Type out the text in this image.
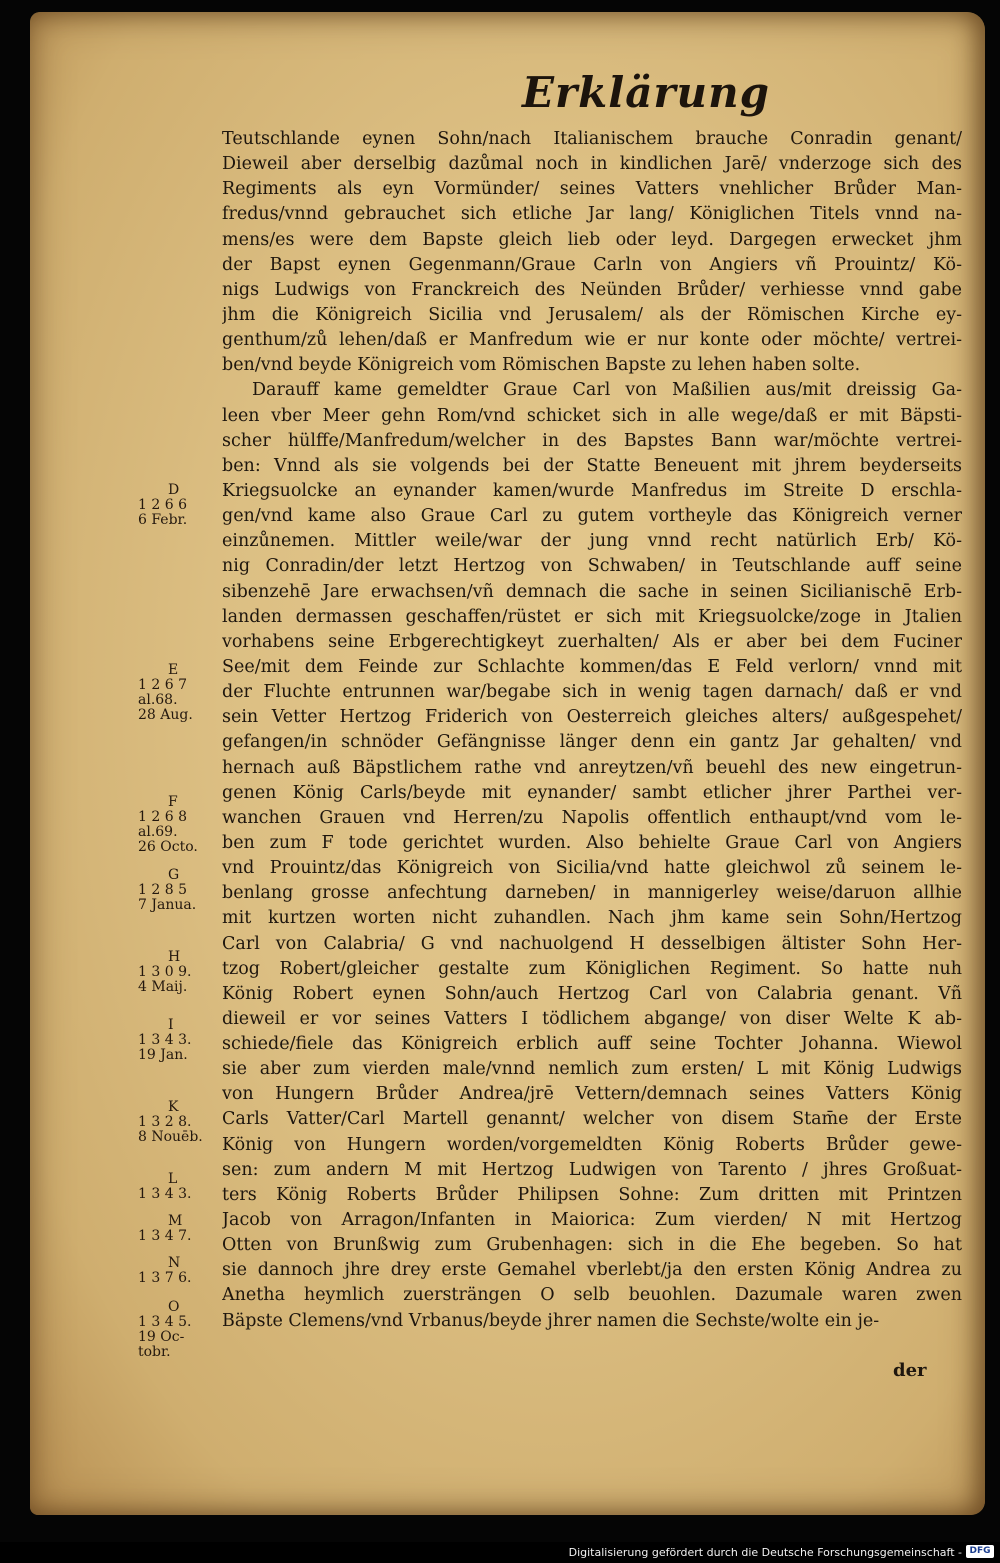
Erklärung
Teutschlande eynen Sohn/nach Italianischem brauche Conradin genant/
Dieweil aber derselbig dazůmal noch in kindlichen Jarē/ vnderzoge sich des
Regiments als eyn Vormünder/ seines Vatters vnehlicher Brůder Man-
fredus/vnnd gebrauchet sich etliche Jar lang/ Königlichen Titels vnnd na-
mens/es were dem Bapste gleich lieb oder leyd. Dargegen erwecket jhm
der Bapst eynen Gegenmann/Graue Carln von Angiers vñ Prouintz/ Kö-
nigs Ludwigs von Franckreich des Neünden Brůder/ verhiesse vnnd gabe
jhm die Königreich Sicilia vnd Jerusalem/ als der Römischen Kirche ey-
genthum/zů lehen/daß er Manfredum wie er nur konte oder möchte/ vertrei-
ben/vnd beyde Königreich vom Römischen Bapste zu lehen haben solte.
Darauff kame gemeldter Graue Carl von Maßilien aus/mit dreissig Ga-
leen vber Meer gehn Rom/vnd schicket sich in alle wege/daß er mit Bäpsti-
scher hülffe/Manfredum/welcher in des Bapstes Bann war/möchte vertrei-
ben: Vnnd als sie volgends bei der Statte Beneuent mit jhrem beyderseits
Kriegsuolcke an eynander kamen/wurde Manfredus im Streite D erschla-
gen/vnd kame also Graue Carl zu gutem vortheyle das Königreich verner
einzůnemen. Mittler weile/war der jung vnnd recht natürlich Erb/ Kö-
nig Conradin/der letzt Hertzog von Schwaben/ in Teutschlande auff seine
sibenzehē Jare erwachsen/vñ demnach die sache in seinen Sicilianischē Erb-
landen dermassen geschaffen/rüstet er sich mit Kriegsuolcke/zoge in Jtalien
vorhabens seine Erbgerechtigkeyt zuerhalten/ Als er aber bei dem Fuciner
See/mit dem Feinde zur Schlachte kommen/das E Feld verlorn/ vnnd mit
der Fluchte entrunnen war/begabe sich in wenig tagen darnach/ daß er vnd
sein Vetter Hertzog Friderich von Oesterreich gleiches alters/ außgespehet/
gefangen/in schnöder Gefängnisse länger denn ein gantz Jar gehalten/ vnd
hernach auß Bäpstlichem rathe vnd anreytzen/vñ beuehl des new eingetrun-
genen König Carls/beyde mit eynander/ sambt etlicher jhrer Parthei ver-
wanchen Grauen vnd Herren/zu Napolis offentlich enthaupt/vnd vom le-
ben zum F tode gerichtet wurden. Also behielte Graue Carl von Angiers
vnd Prouintz/das Königreich von Sicilia/vnd hatte gleichwol zů seinem le-
benlang grosse anfechtung darneben/ in mannigerley weise/daruon allhie
mit kurtzen worten nicht zuhandlen. Nach jhm kame sein Sohn/Hertzog
Carl von Calabria/ G vnd nachuolgend H desselbigen ältister Sohn Her-
tzog Robert/gleicher gestalte zum Königlichen Regiment. So hatte nuh
König Robert eynen Sohn/auch Hertzog Carl von Calabria genant. Vñ
dieweil er vor seines Vatters I tödlichem abgange/ von diser Welte K ab-
schiede/fiele das Königreich erblich auff seine Tochter Johanna. Wiewol
sie aber zum vierden male/vnnd nemlich zum ersten/ L mit König Ludwigs
von Hungern Brůder Andrea/jrē Vettern/demnach seines Vatters König
Carls Vatter/Carl Martell genannt/ welcher von disem Stam̄e der Erste
König von Hungern worden/vorgemeldten König Roberts Brůder gewe-
sen: zum andern M mit Hertzog Ludwigen von Tarento / jhres Großuat-
ters König Roberts Brůder Philipsen Sohne: Zum dritten mit Printzen
Jacob von Arragon/Infanten in Maiorica: Zum vierden/ N mit Hertzog
Otten von Brunßwig zum Grubenhagen: sich in die Ehe begeben. So hat
sie dannoch jhre drey erste Gemahel vberlebt/ja den ersten König Andrea zu
Anetha heymlich zuersträngen O selb beuohlen. Dazumale waren zwen
Bäpste Clemens/vnd Vrbanus/beyde jhrer namen die Sechste/wolte ein je-
D
1 2 6 6
6 Febr.
E
1 2 6 7
al.68.
28 Aug.
F
1 2 6 8
al.69.
26 Octo.
G
1 2 8 5
7 Janua.
H
1 3 0 9.
4 Maij.
I
1 3 4 3.
19 Jan.
K
1 3 2 8.
8 Nouēb.
L
1 3 4 3.
M
1 3 4 7.
N
1 3 7 6.
O
1 3 4 5.
19 Oc-
tobr.
der
Digitalisierung gefördert durch die Deutsche Forschungsgemeinschaft - DFG
